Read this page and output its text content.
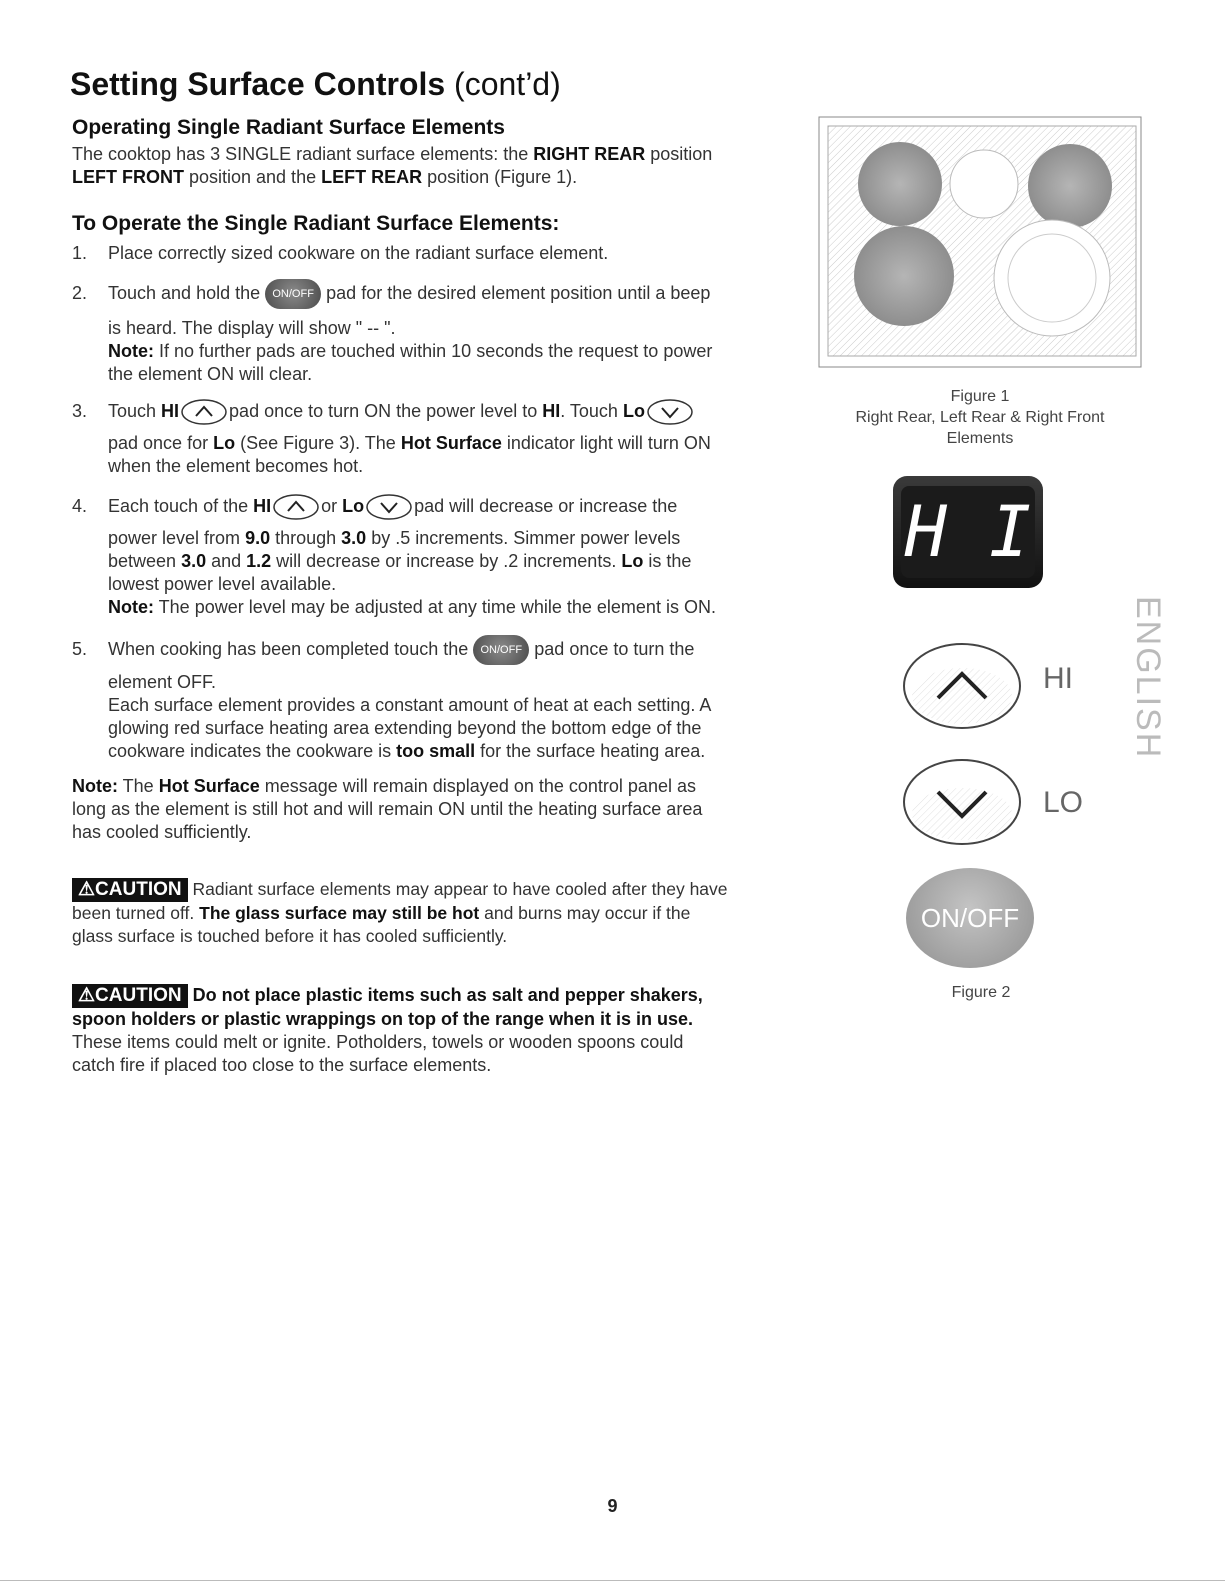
Setting Surface Controls (cont’d)
Operating Single Radiant Surface Elements

The cooktop has 3 SINGLE radiant surface elements: the RIGHT REAR position
LEFT FRONT position and the LEFT REAR position (Figure 1).

To Operate the Single Radiant Surface Elements:

1. Place correctly sized cookware on the radiant surface element.

2. Touch and hold the ON/OFF pad for the desired element position until a beep

is heard. The display will show " -- ".
Note: If no further pads are touched within 10 seconds the request to power
the element ON will clear.

3. Touch HI	pad once to turn ON the power level to HI. Touch Lo

pad once for Lo (See Figure 3). The Hot Surface indicator light will turn ON
when the element becomes hot.

4. Each touch of the HI	or Lo	pad will decrease or increase the

power level from 9.0 through 3.0 by .5 increments. Simmer power levels
between 3.0 and 1.2 will decrease or increase by .2 increments. Lo is the
lowest power level available.
Note: The power level may be adjusted at any time while the element is ON.

5. When cooking has been completed touch the ON/OFF pad once to turn the

element OFF.
Each surface element provides a constant amount of heat at each setting. A
glowing red surface heating area extending beyond the bottom edge of the
cookware indicates the cookware is too small for the surface heating area.

Note: The Hot Surface message will remain displayed on the control panel as
long as the element is still hot and will remain ON until the heating surface area
has cooled sufficiently.

⚠CAUTION Radiant surface elements may appear to have cooled after they have
been turned off. The glass surface may still be hot and burns may occur if the
glass surface is touched before it has cooled sufficiently.

⚠CAUTION Do not place plastic items such as salt and pepper shakers,
spoon holders or plastic wrappings on top of the range when it is in use.
These items could melt or ignite. Potholders, towels or wooden spoons could
catch fire if placed too close to the surface elements.

Figure 1
Right Rear, Left Rear & Right Front
Elements
H I
HI
LO
ON/OFF
Figure 2
ENGLISH
9
